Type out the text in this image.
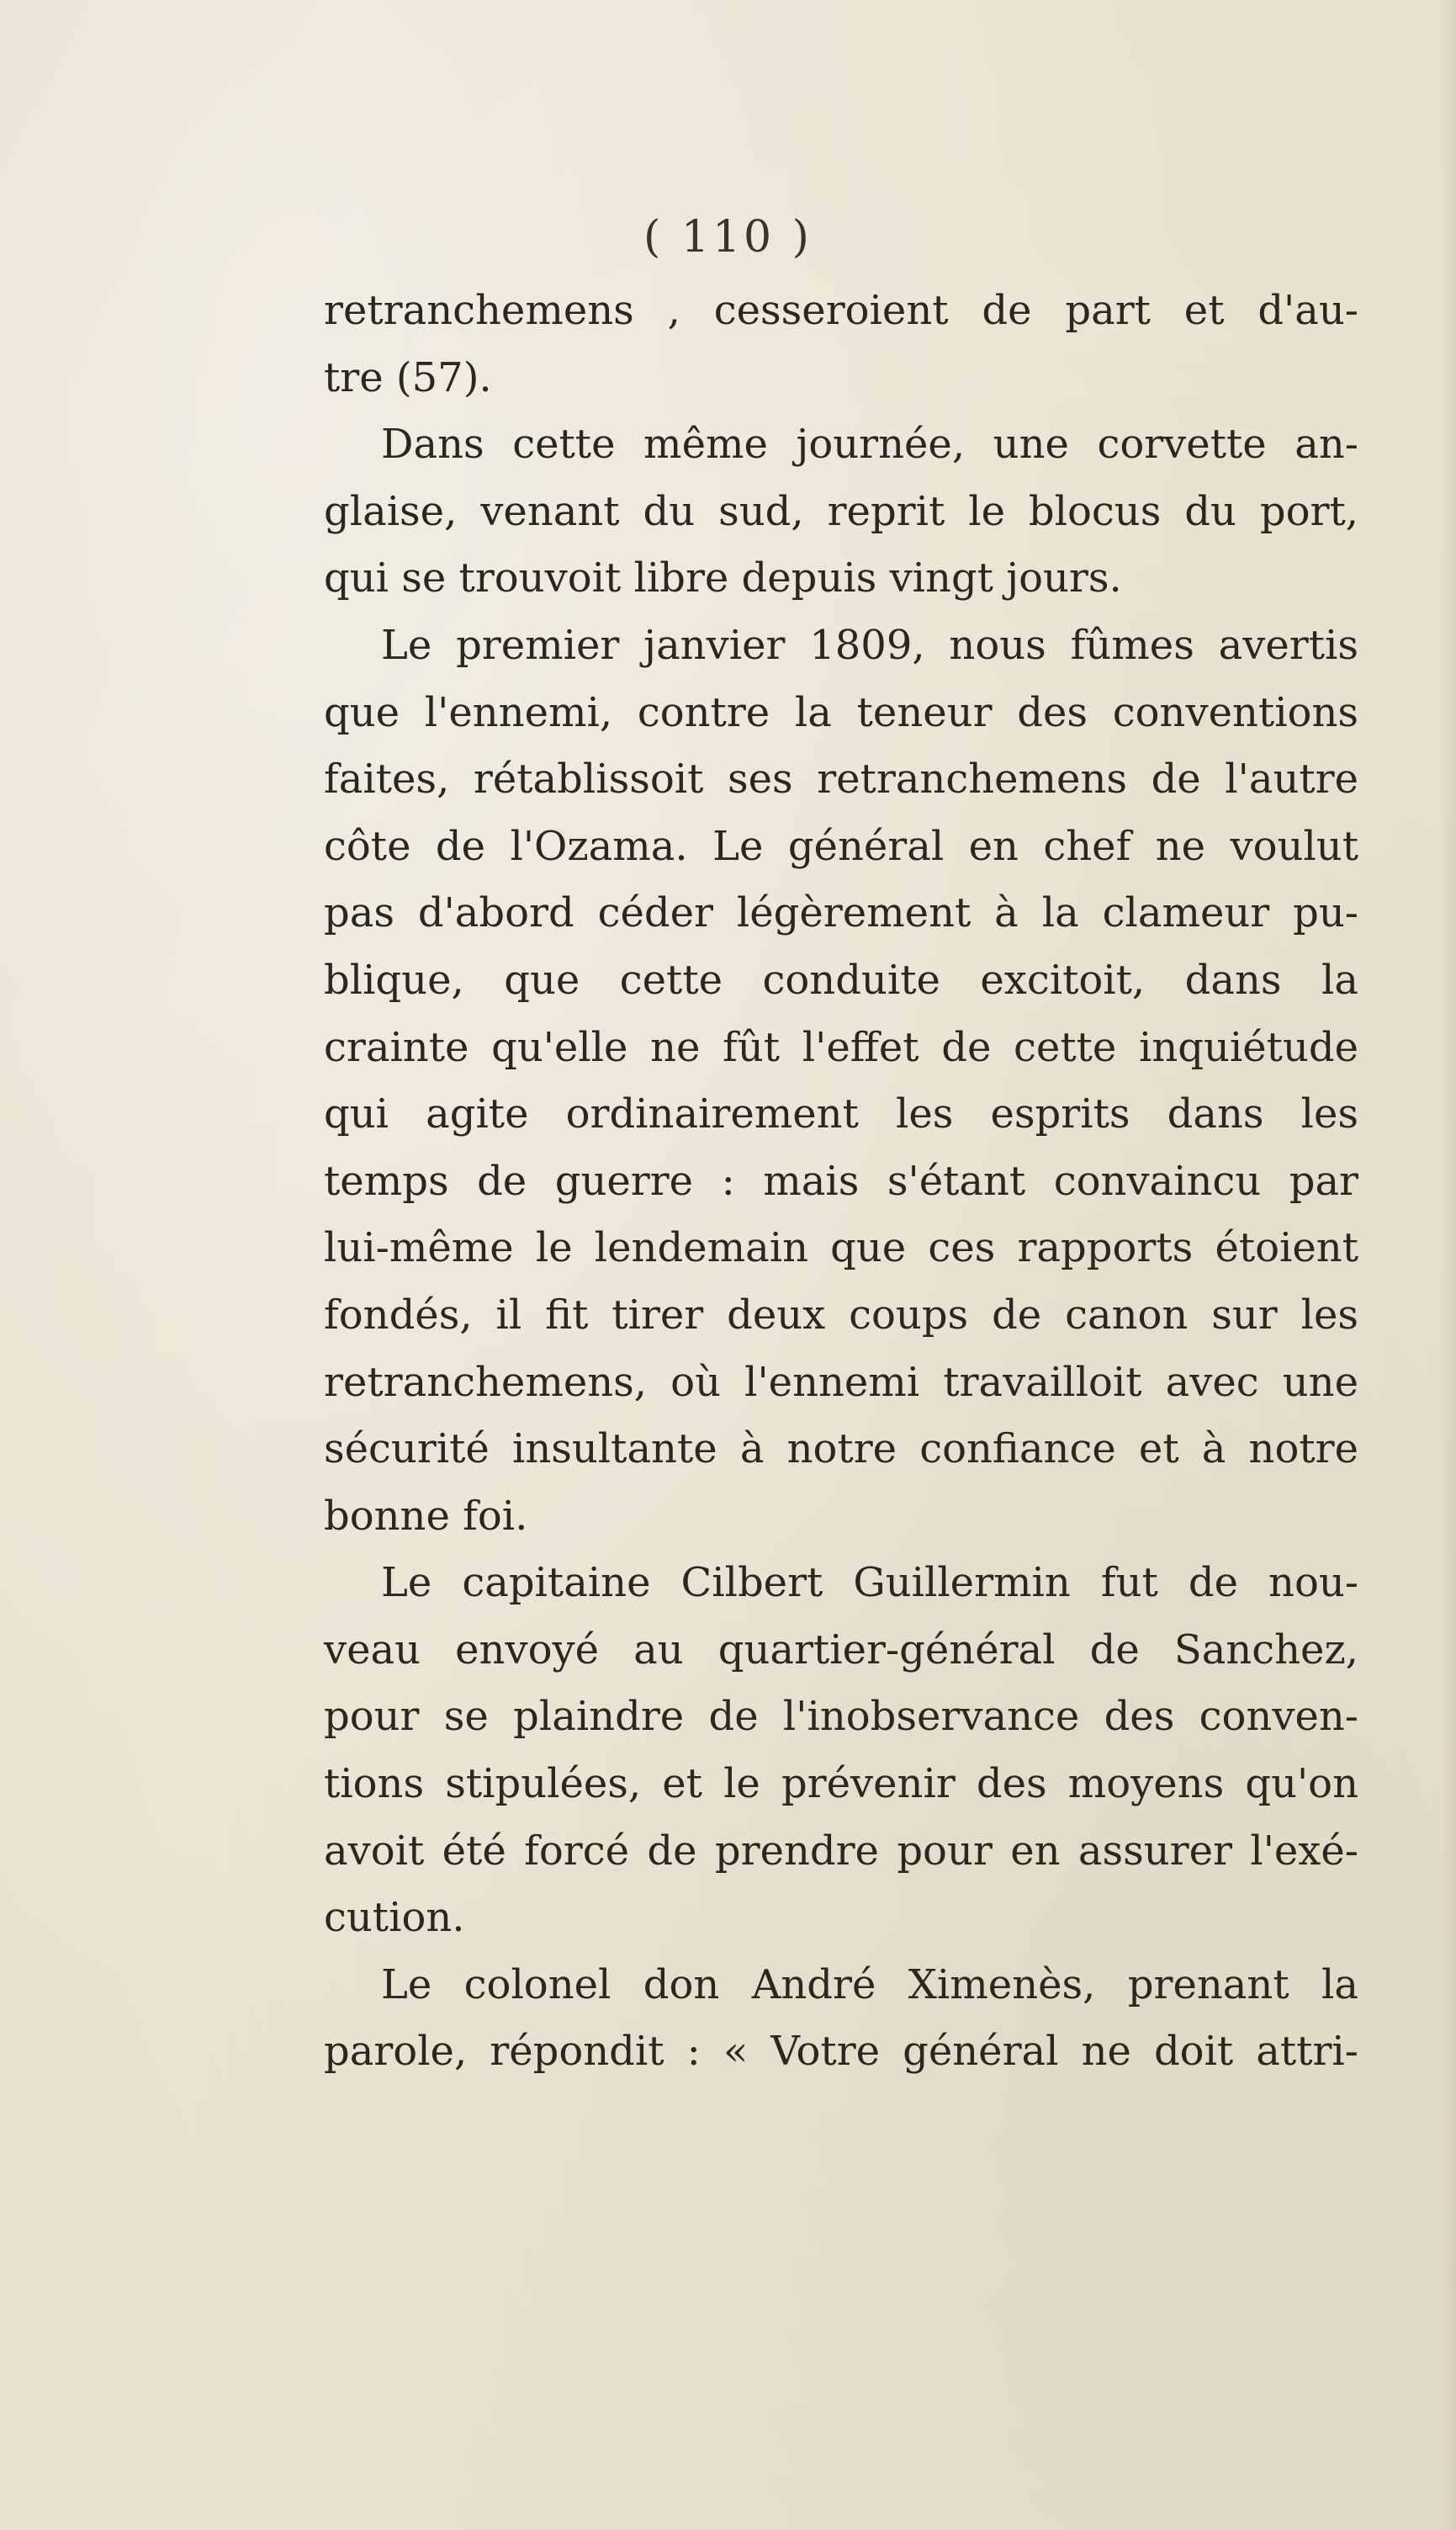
( 110 )
retranchemens , cesseroient de part et d'au-
tre (57).
Dans cette même journée, une corvette an-
glaise, venant du sud, reprit le blocus du port,
qui se trouvoit libre depuis vingt jours.
Le premier janvier 1809, nous fûmes avertis
que l'ennemi, contre la teneur des conventions
faites, rétablissoit ses retranchemens de l'autre
côte de l'Ozama. Le général en chef ne voulut
pas d'abord céder légèrement à la clameur pu-
blique, que cette conduite excitoit, dans la
crainte qu'elle ne fût l'effet de cette inquiétude
qui agite ordinairement les esprits dans les
temps de guerre : mais s'étant convaincu par
lui-même le lendemain que ces rapports étoient
fondés, il fit tirer deux coups de canon sur les
retranchemens, où l'ennemi travailloit avec une
sécurité insultante à notre confiance et à notre
bonne foi.
Le capitaine Cilbert Guillermin fut de nou-
veau envoyé au quartier-général de Sanchez,
pour se plaindre de l'inobservance des conven-
tions stipulées, et le prévenir des moyens qu'on
avoit été forcé de prendre pour en assurer l'exé-
cution.
Le colonel don André Ximenès, prenant la
parole, répondit : « Votre général ne doit attri-
